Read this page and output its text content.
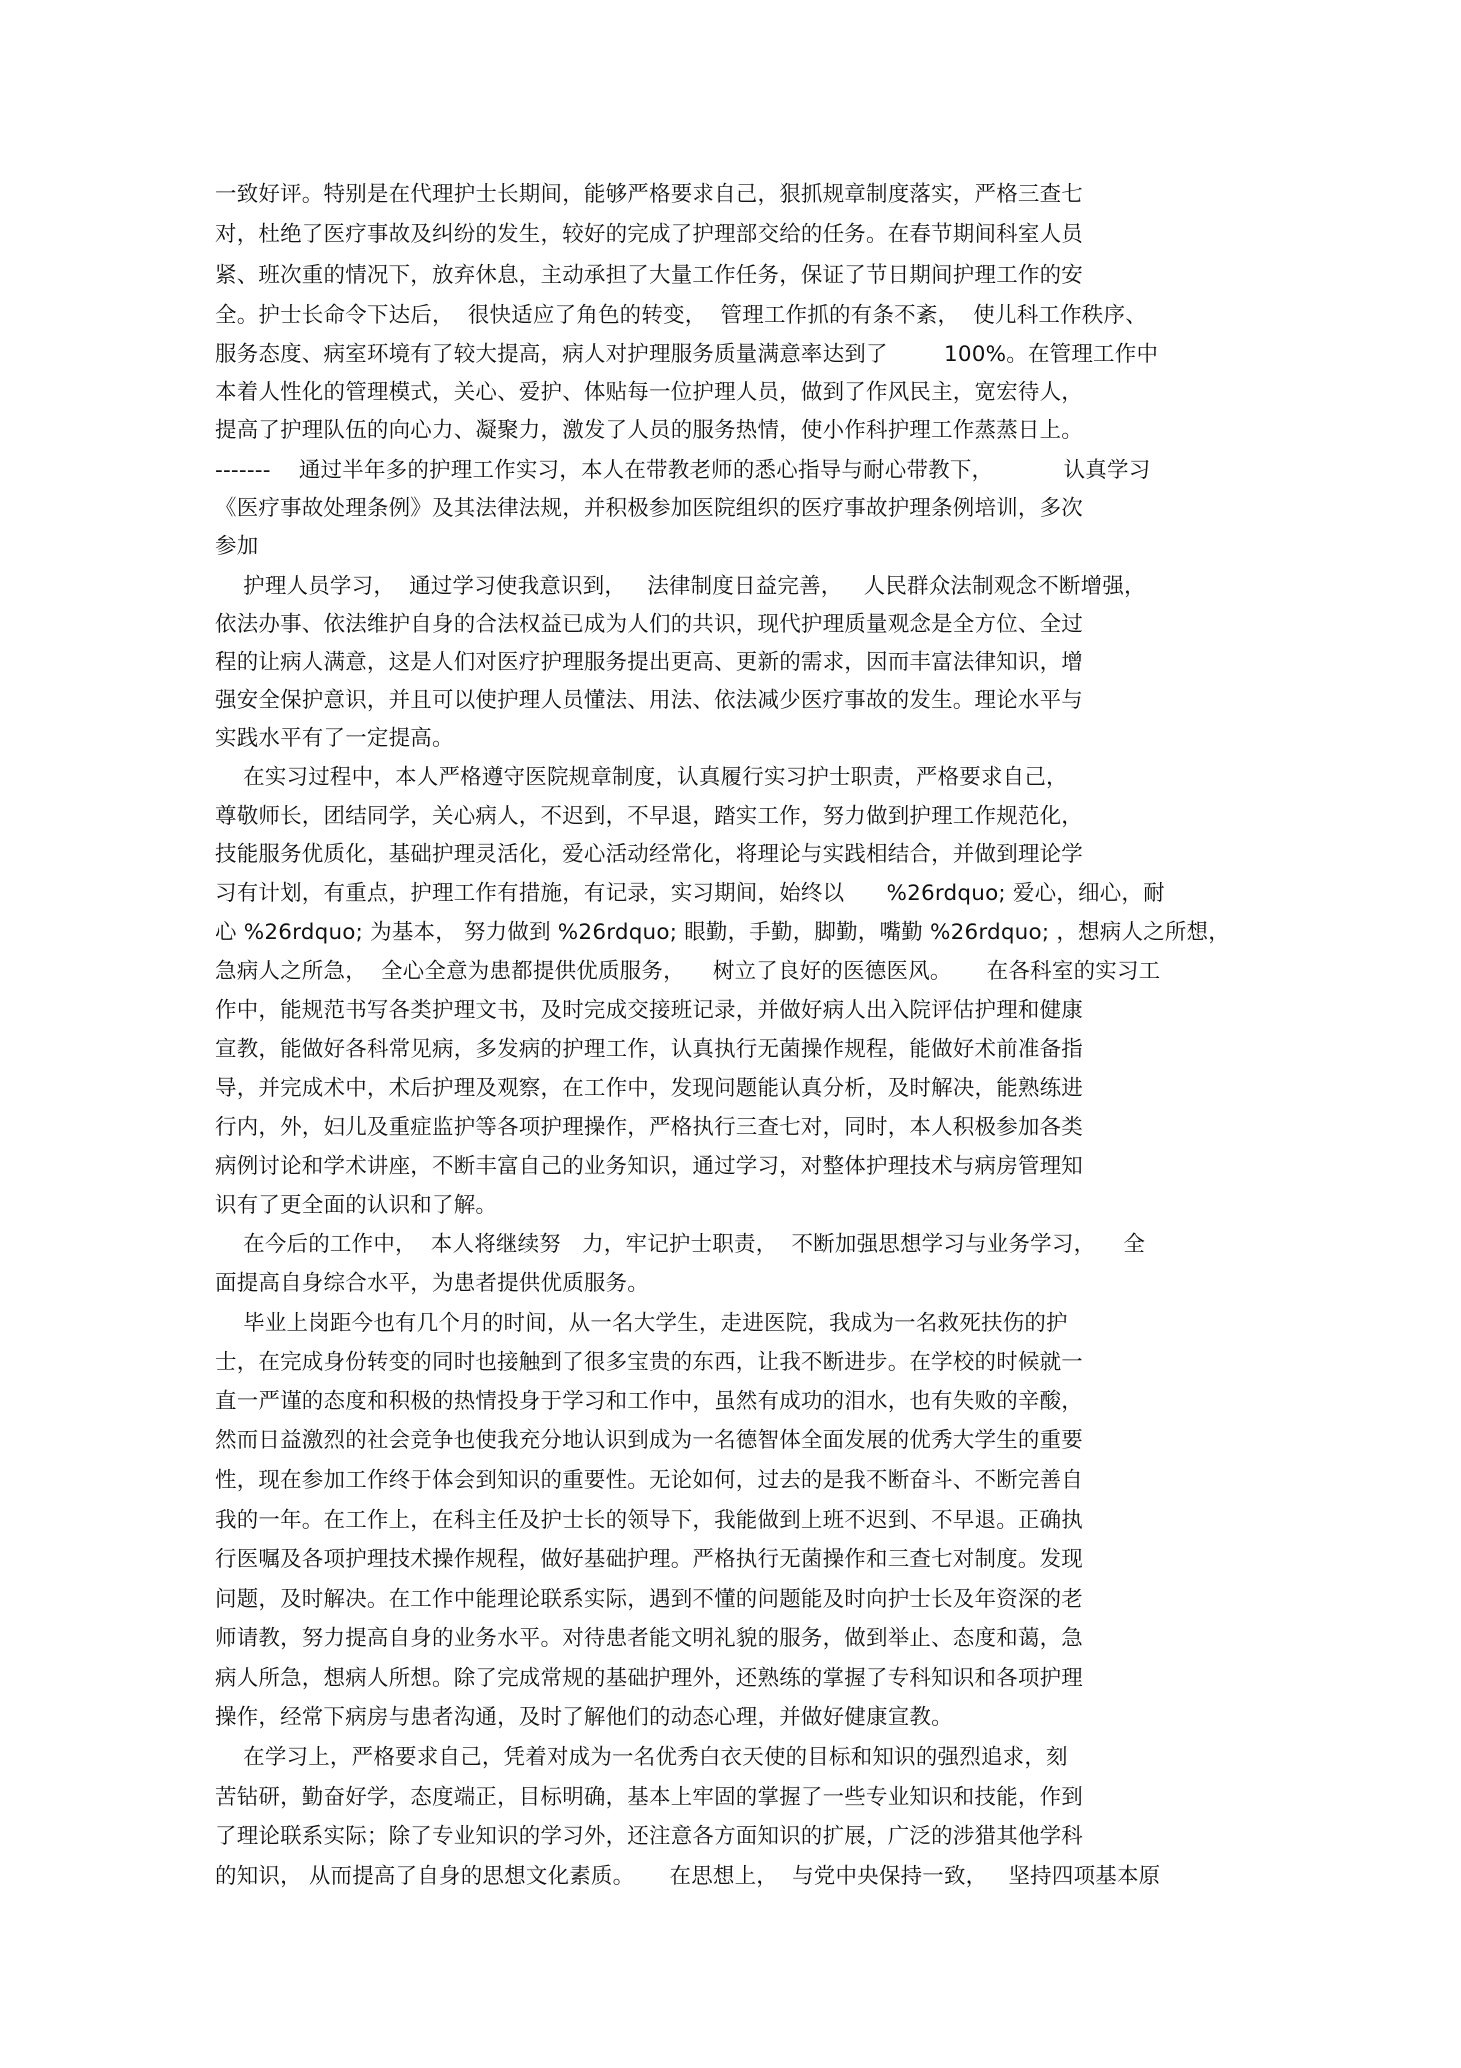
一致好评。特别是在代理护士长期间，能够严格要求自己，狠抓规章制度落实，严格三查七
对，杜绝了医疗事故及纠纷的发生，较好的完成了护理部交给的任务。在春节期间科室人员
紧、班次重的情况下，放弃休息，主动承担了大量工作任务，保证了节日期间护理工作的安
全。护士长命令下达后，  很快适应了角色的转变，  管理工作抓的有条不紊，  使儿科工作秩序、
服务态度、病室环境有了较大提高，病人对护理服务质量满意率达到了        100%。在管理工作中
本着人性化的管理模式，关心、爱护、体贴每一位护理人员，做到了作风民主，宽宏待人，
提高了护理队伍的向心力、凝聚力，激发了人员的服务热情，使小作科护理工作蒸蒸日上。
-------    通过半年多的护理工作实习，本人在带教老师的悉心指导与耐心带教下，          认真学习
《医疗事故处理条例》及其法律法规，并积极参加医院组织的医疗事故护理条例培训，多次
参加
护理人员学习，  通过学习使我意识到，   法律制度日益完善，   人民群众法制观念不断增强，
依法办事、依法维护自身的合法权益已成为人们的共识，现代护理质量观念是全方位、全过
程的让病人满意，这是人们对医疗护理服务提出更高、更新的需求，因而丰富法律知识，增
强安全保护意识，并且可以使护理人员懂法、用法、依法减少医疗事故的发生。理论水平与
实践水平有了一定提高。
在实习过程中，本人严格遵守医院规章制度，认真履行实习护士职责，严格要求自己，
尊敬师长，团结同学，关心病人，不迟到，不早退，踏实工作，努力做到护理工作规范化，
技能服务优质化，基础护理灵活化，爱心活动经常化，将理论与实践相结合，并做到理论学
习有计划，有重点，护理工作有措施，有记录，实习期间，始终以      %26rdquo; 爱心，细心，耐
心 %26rdquo; 为基本， 努力做到 %26rdquo; 眼勤，手勤，脚勤，嘴勤 %26rdquo; ，想病人之所想，
急病人之所急，  全心全意为患都提供优质服务，    树立了良好的医德医风。     在各科室的实习工
作中，能规范书写各类护理文书，及时完成交接班记录，并做好病人出入院评估护理和健康
宣教，能做好各科常见病，多发病的护理工作，认真执行无菌操作规程，能做好术前准备指
导，并完成术中，术后护理及观察，在工作中，发现问题能认真分析，及时解决，能熟练进
行内，外，妇儿及重症监护等各项护理操作，严格执行三查七对，同时，本人积极参加各类
病例讨论和学术讲座，不断丰富自己的业务知识，通过学习，对整体护理技术与病房管理知
识有了更全面的认识和了解。
在今后的工作中，  本人将继续努   力，牢记护士职责，  不断加强思想学习与业务学习，    全
面提高自身综合水平，为患者提供优质服务。
毕业上岗距今也有几个月的时间，从一名大学生，走进医院，我成为一名救死扶伤的护
士，在完成身份转变的同时也接触到了很多宝贵的东西，让我不断进步。在学校的时候就一
直一严谨的态度和积极的热情投身于学习和工作中，虽然有成功的泪水，也有失败的辛酸，
然而日益激烈的社会竞争也使我充分地认识到成为一名德智体全面发展的优秀大学生的重要
性，现在参加工作终于体会到知识的重要性。无论如何，过去的是我不断奋斗、不断完善自
我的一年。在工作上，在科主任及护士长的领导下，我能做到上班不迟到、不早退。正确执
行医嘱及各项护理技术操作规程，做好基础护理。严格执行无菌操作和三查七对制度。发现
问题，及时解决。在工作中能理论联系实际，遇到不懂的问题能及时向护士长及年资深的老
师请教，努力提高自身的业务水平。对待患者能文明礼貌的服务，做到举止、态度和蔼，急
病人所急，想病人所想。除了完成常规的基础护理外，还熟练的掌握了专科知识和各项护理
操作，经常下病房与患者沟通，及时了解他们的动态心理，并做好健康宣教。
在学习上，严格要求自己，凭着对成为一名优秀白衣天使的目标和知识的强烈追求，刻
苦钻研，勤奋好学，态度端正，目标明确，基本上牢固的掌握了一些专业知识和技能，作到
了理论联系实际；除了专业知识的学习外，还注意各方面知识的扩展，广泛的涉猎其他学科
的知识， 从而提高了自身的思想文化素质。     在思想上，  与党中央保持一致，   坚持四项基本原
